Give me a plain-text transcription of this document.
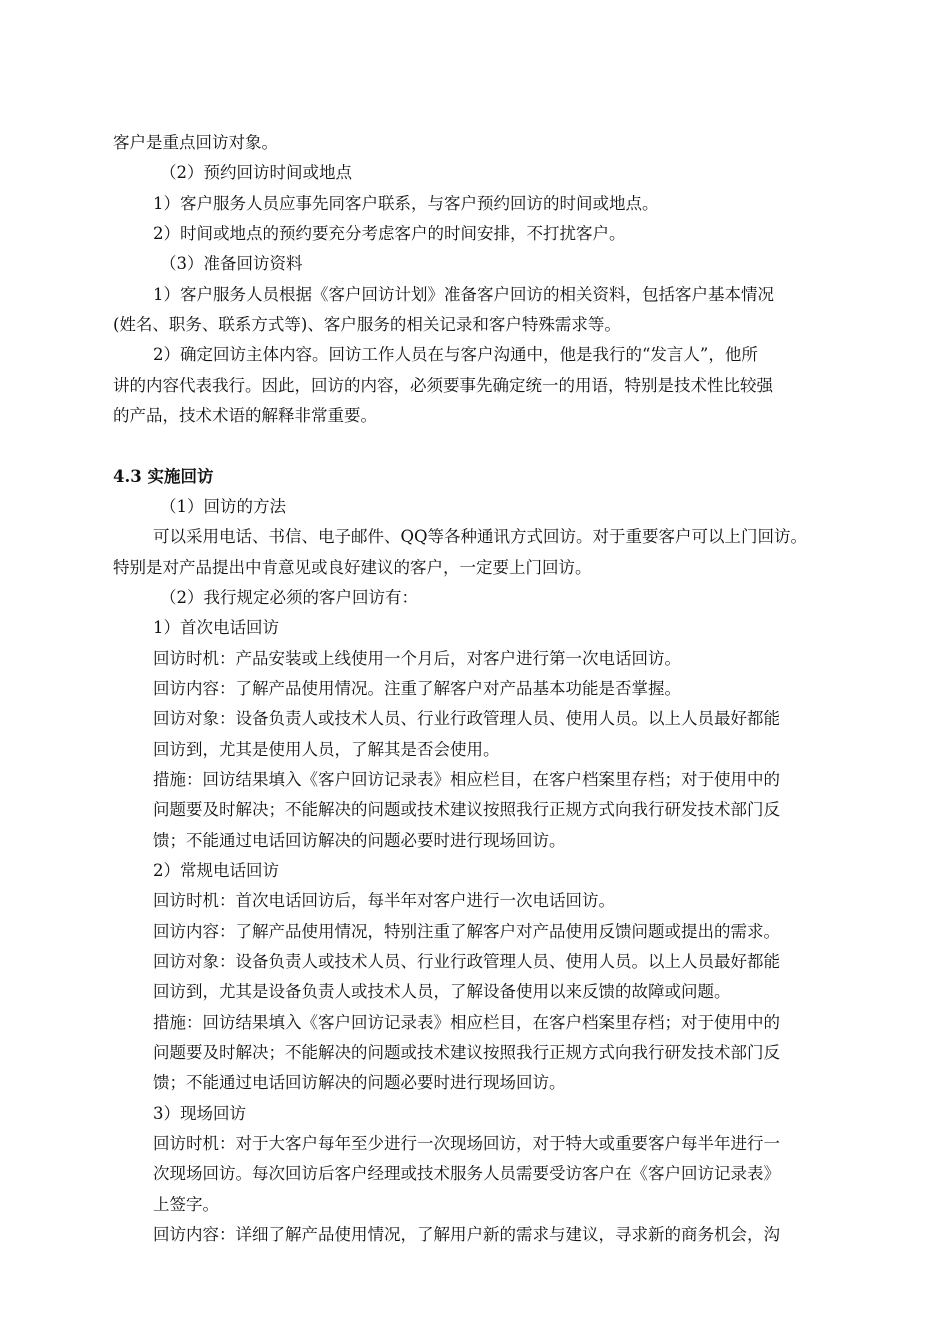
客户是重点回访对象。
（2）预约回访时间或地点
1）客户服务人员应事先同客户联系，与客户预约回访的时间或地点。
2）时间或地点的预约要充分考虑客户的时间安排，不打扰客户。
（3）准备回访资料
1）客户服务人员根据《客户回访计划》准备客户回访的相关资料，包括客户基本情况
(姓名、职务、联系方式等)、客户服务的相关记录和客户特殊需求等。
2）确定回访主体内容。回访工作人员在与客户沟通中，他是我行的“发言人”，他所
讲的内容代表我行。因此，回访的内容，必须要事先确定统一的用语，特别是技术性比较强
的产品，技术术语的解释非常重要。
4.3 实施回访
（1）回访的方法
可以采用电话、书信、电子邮件、QQ等各种通讯方式回访。对于重要客户可以上门回访。
特别是对产品提出中肯意见或良好建议的客户，一定要上门回访。
（2）我行规定必须的客户回访有：
1）首次电话回访
回访时机：产品安装或上线使用一个月后，对客户进行第一次电话回访。
回访内容：了解产品使用情况。注重了解客户对产品基本功能是否掌握。
回访对象：设备负责人或技术人员、行业行政管理人员、使用人员。以上人员最好都能
回访到，尤其是使用人员，了解其是否会使用。
措施：回访结果填入《客户回访记录表》相应栏目，在客户档案里存档；对于使用中的
问题要及时解决；不能解决的问题或技术建议按照我行正规方式向我行研发技术部门反
馈；不能通过电话回访解决的问题必要时进行现场回访。
2）常规电话回访
回访时机：首次电话回访后，每半年对客户进行一次电话回访。
回访内容：了解产品使用情况，特别注重了解客户对产品使用反馈问题或提出的需求。
回访对象：设备负责人或技术人员、行业行政管理人员、使用人员。以上人员最好都能
回访到，尤其是设备负责人或技术人员，了解设备使用以来反馈的故障或问题。
措施：回访结果填入《客户回访记录表》相应栏目，在客户档案里存档；对于使用中的
问题要及时解决；不能解决的问题或技术建议按照我行正规方式向我行研发技术部门反
馈；不能通过电话回访解决的问题必要时进行现场回访。
3）现场回访
回访时机：对于大客户每年至少进行一次现场回访，对于特大或重要客户每半年进行一
次现场回访。每次回访后客户经理或技术服务人员需要受访客户在《客户回访记录表》
上签字。
回访内容：详细了解产品使用情况，了解用户新的需求与建议，寻求新的商务机会，沟
